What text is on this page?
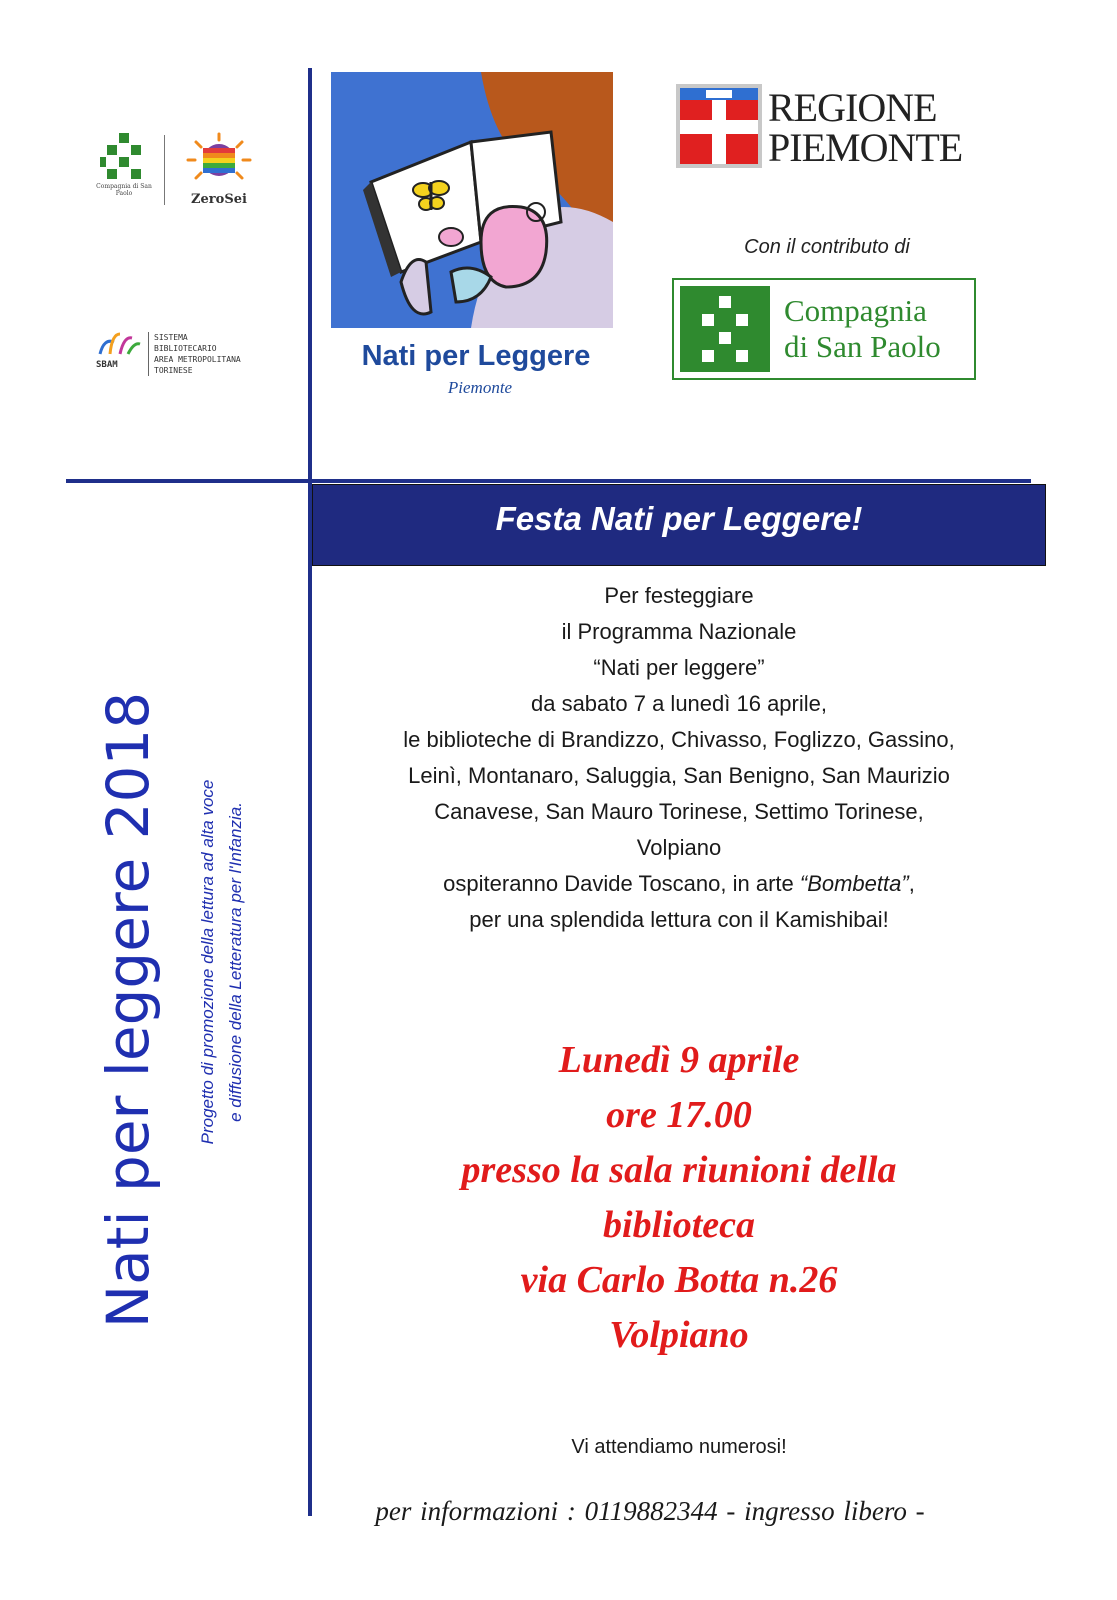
Compagnia di San Paolo	ZeroSei
SBAM
SISTEMA
BIBLIOTECARIO
AREA METROPOLITANA
TORINESE	Nati per Leggere
Piemonte
REGIONE
PIEMONTE
Con il contributo di
Compagnia
di San Paolo
Nati per leggere 2018 Progetto di promozione della lettura ad alta voce e diffusione della Letteratura per l'Infanzia.
Festa Nati per Leggere!
Per festeggiare
il Programma Nazionale
“Nati per leggere”
da sabato 7 a lunedì 16 aprile,
le biblioteche di Brandizzo, Chivasso, Foglizzo, Gassino,
Leinì, Montanaro, Saluggia, San Benigno, San Maurizio
Canavese, San Mauro Torinese, Settimo Torinese,
Volpiano
ospiteranno Davide Toscano, in arte “Bombetta”,
per una splendida lettura con il Kamishibai!
Lunedì 9 aprile
ore 17.00
presso la sala riunioni della
biblioteca
via Carlo Botta n.26
Volpiano
Vi attendiamo numerosi!
per informazioni : 0119882344 - ingresso libero -
